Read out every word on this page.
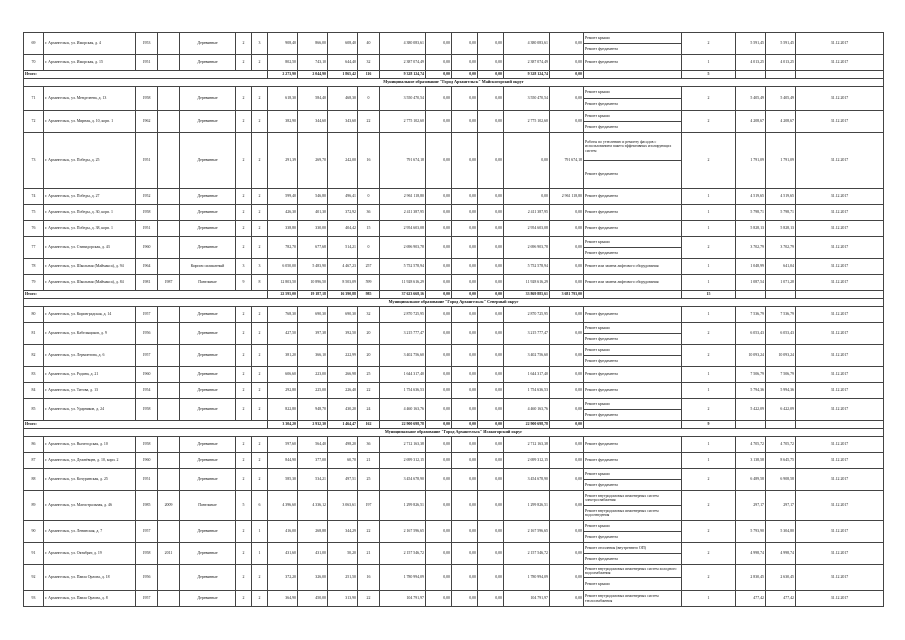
69	г. Архангельск, ул. Ижорская, д. 4	1953		Деревянные	2	3	908,40	866,00	608,40	40	4 380 083,61	0,00	0,00	0,00	4 380 083,61	0,00	Ремонт крыши
Ремонт фундамента	2	5 591,45	5 591,45	31.12.2017
70	г. Архангельск, ул. Ижорская, д. 15	1951		Деревянные	2	2	802,50	743,10	644,40	32	2 387 074,49	0,00	0,00	0,00	2 387 074,49	0,00	Ремонт фундамента	1	4 013,25	4 013,25	31.12.2017
Итого:							2 273,90	2 044,90	1 865,42	116	9 328 124,74	0,00	0,00	0,00	9 328 124,74	0,00		5			
Муниципальное образование "Город Архангельск" Майскогорский округ																					
71	г. Архангельск, ул. Менделеева, д. 13	1958		Деревянные	2	2	618,30	584,40	468,30	0	3 550 470,54	0,00	0,00	0,00	3 550 470,54	0,00	Ремонт крыши
Ремонт фундамента	2	5 405,49	5 405,49	31.12.2017
72	г. Архангельск, ул. Мирная, д. 10, корп. 1	1962		Деревянные	2	2	382,90	344,60	343,60	22	2 775 102,60	0,00	0,00	0,00	2 775 102,60	0,00	Ремонт крыши
Ремонт фундамента	2	4 208,67	4 208,67	31.12.2017
73	г. Архангельск, ул. Победы, д. 25	1951		Деревянные	2	2	291,39	269,70	242,00	16	791 674,18	0,00	0,00	0,00	0,00	791 674,18	Работы по утеплению и ремонту фасадов с использованием пакета эффективных изолирующих систем
Ремонт фундамента	2	1 791,09	1 791,09	31.12.2017
74	г. Архангельск, ул. Победы, д. 27	1952		Деревянные	2	2	599,40	546,80	496,41	0	2 961 118,80	0,00	0,00	0,00	0,00	2 961 118,80	Ремонт фундамента	1	4 519,65	4 519,65	31.12.2017
75	г. Архангельск, ул. Победы, д. 30, корп. 1	1958		Деревянные	2	2	426,30	401,30	372,92	36	2 411 387,95	0,00	0,00	0,00	2 411 387,95	0,00	Ремонт фундамента	1	5 798,71	5 798,71	31.12.2017
76	г. Архангельск, ул. Победы, д. 38, корп. 1	1951		Деревянные	2	2	338,80	330,00	404,42	15	2 954 603,08	0,00	0,00	0,00	2 954 603,08	0,00	Ремонт фундамента	1	5 828,13	5 828,13	31.12.2017
77	г. Архангельск, ул. Стивидорская, д. 43	1960		Деревянные	2	2	782,70	677,68	514,21	0	2 696 903,78	0,00	0,00	0,00	2 696 903,78	0,00	Ремонт крыши
Ремонт фундамента	2	3 702,79	3 702,79	31.12.2017
78	г. Архангельск, ул. Школьная (Маймакса), д. 94	1964		Кирпич силикатный	3	3	6 050,00	5 483,90	4 467,23	257	5 752 578,94	0,00	0,00	0,00	5 752 578,94	0,00	Ремонт или замена лифтового оборудования	1	1 048,99	641,04	31.12.2017
79	г. Архангельск, ул. Школьная (Маймакса), д. 84	1981	1987	Панельные	9	8	12 803,50	10 896,50	8 503,09	599	11 928 616,29	0,00	0,00	0,00	11 928 616,29	0,00	Ремонт или замена лифтового оборудования	1	1 087,54	1 071,28	31.12.2017
Итого:							22 595,00	19 187,18	16 390,88	985	37 623 668,16	0,00	0,00	0,00	33 869 885,61	3 681 793,00		15			
Муниципальное образование "Город Архангельск" Северный округ																					
80	г. Архангельск, ул. Кировградская, д. 14	1957		Деревянные	2	2	768,30	690,30	690,30	32	2 870 725,95	0,00	0,00	0,00	2 870 725,95	0,00	Ремонт фундамента	1	7 536,79	7 536,79	31.12.2017
81	г. Архангельск, ул. Кабельщиков, д. 9	1956		Деревянные	2	2	427,50	397,38	392,50	20	3 215 777,47	0,00	0,00	0,00	3 215 777,47	0,00	Ремонт крыши
Ремонт фундамента	2	6 053,43	6 053,43	31.12.2017
82	г. Архангельск, ул. Лермонтова, д. 6	1957		Деревянные	2	2	381,20	366,10	222,99	20	3 402 756,60	0,00	0,00	0,00	3 402 756,60	0,00	Ремонт крыши
Ремонт фундамента	2	10 093,24	10 093,24	31.12.2017
83	г. Архангельск, ул. Родина, д. 21	1960		Деревянные	2	2	606,60	223,00	266,98	25	1 644 317,40	0,00	0,00	0,00	1 644 317,40	0,00	Ремонт фундамента	1	7 506,79	7 506,79	31.12.2017
84	г. Архангельск, ул. Титова, д. 13	1954		Деревянные	2	2	292,80	225,00	226,40	22	1 754 636,53	0,00	0,00	0,00	1 754 636,53	0,00	Ремонт фундамента	1	5 794,36	5 994,36	31.12.2017
85	г. Архангельск, ул. Ударников, д. 24	1958		Деревянные	2	2	822,80	948,70	430,20	24	4 460 163,76	0,00	0,00	0,00	4 460 163,76	0,00	Ремонт крыши
Ремонт фундамента	2	5 422,09	6 422,09	31.12.2017
Итого:							3 304,20	2 932,30	1 464,47	162	22 900 698,78	0,00	0,00	0,00	22 900 698,78	0,00		9			
Муниципальное образование "Город Архангельск" Исакогорский округ																					
86	г. Архангельск, ул. Вычегодская, д. 10	1958		Деревянные	2	2	597,60	564,40	498,20	36	2 712 163,38	0,00	0,00	0,00	2 712 163,38	0,00	Ремонт фундамента	1	4 705,72	4 705,72	31.12.2017
87	г. Архангельск, ул. Дежнёвцев, д. 10, корп. 2	1960		Деревянные	2	2	844,90	377,00	60,70	21	2 699 312,15	0,00	0,00	0,00	2 699 312,15	0,00	Ремонт фундамента	1	3 138,58	8 645,75	31.12.2017
88	г. Архангельск, ул. Кочуринская, д. 25	1951		Деревянные	2	2	585,30	534,21	497,51	25	3 454 678,90	0,00	0,00	0,00	3 454 678,90	0,00	Ремонт крыши
Ремонт фундамента	2	6 489,58	6 908,58	31.12.2017
89	г. Архангельск, ул. Магистральная, д. 46	1985	2009	Панельные	5	6	4 396,60	4 336,12	3 063,61	197	1 299 826,51	0,00	0,00	0,00	1 299 826,51	0,00	Ремонт внутридомовых инженерных систем электроснабжения
Ремонт внутридомовых инженерных систем водоотведения	2	297,17	297,17	31.12.2017
90	г. Архангельск, ул. Ленинская, д. 7	1957		Деревянные	2	1	416,00	268,88	344,29	22	2 167 596,65	0,00	0,00	0,00	2 167 596,65	0,00	Ремонт крыши
Ремонт фундамента	2	5 793,90	5 304,80	31.12.2017
91	г. Архангельск, ул. Октябрят, д. 19	1958	2011	Деревянные	2	1	431,60	431,00	50,20	21	2 157 546,72	0,00	0,00	0,00	2 157 546,72	0,00	Ремонт отопления (внутреннего ОП)
Ремонт фундамента	2	4 998,74	4 998,74	31.12.2017
92	г. Архангельск, ул. Павла Орлова, д. 18	1956		Деревянные	2	2	372,20	326,00	251,50	16	1 780 994,09	0,00	0,00	0,00	1 780 994,09	0,00	Ремонт внутридомовых инженерных систем холодного водоснабжения
Ремонт крыши	2	2 830,45	2 630,45	31.12.2017
93	г. Архангельск, ул. Павла Орлова, д. 8	1957		Деревянные	2	2	364,90	450,00	313,90	22	104 791,97	0,00	0,00	0,00	104 791,97	0,00	Ремонт внутридомовых инженерных систем теплоснабжения	1	477,42	477,42	31.12.2017
